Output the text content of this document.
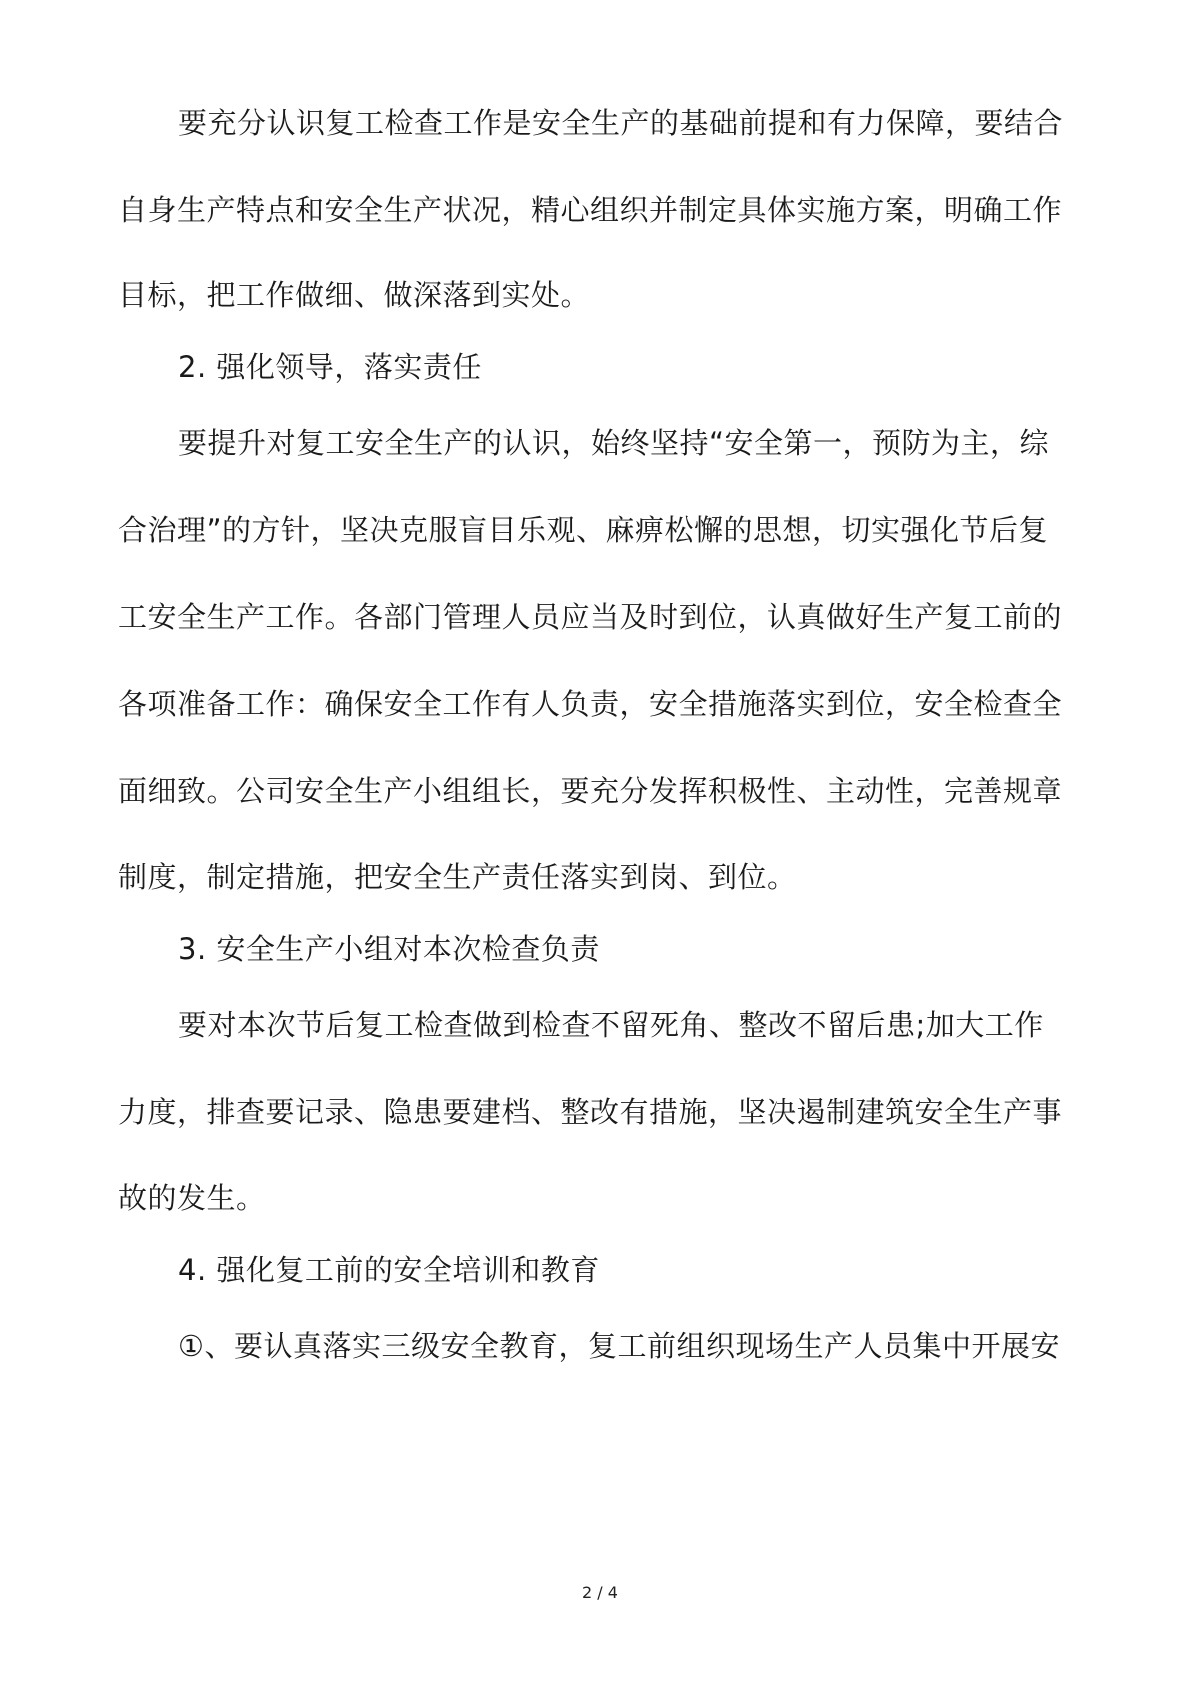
要充分认识复工检查工作是安全生产的基础前提和有力保障，要结合
自身生产特点和安全生产状况，精心组织并制定具体实施方案，明确工作
目标，把工作做细、做深落到实处。
2. 强化领导，落实责任
要提升对复工安全生产的认识，始终坚持“安全第一，预防为主，综
合治理”的方针，坚决克服盲目乐观、麻痹松懈的思想，切实强化节后复
工安全生产工作。各部门管理人员应当及时到位，认真做好生产复工前的
各项准备工作：确保安全工作有人负责，安全措施落实到位，安全检查全
面细致。公司安全生产小组组长，要充分发挥积极性、主动性，完善规章
制度，制定措施，把安全生产责任落实到岗、到位。
3. 安全生产小组对本次检查负责
要对本次节后复工检查做到检查不留死角、整改不留后患;加大工作
力度，排查要记录、隐患要建档、整改有措施，坚决遏制建筑安全生产事
故的发生。
4. 强化复工前的安全培训和教育
①、要认真落实三级安全教育，复工前组织现场生产人员集中开展安
2 / 4
